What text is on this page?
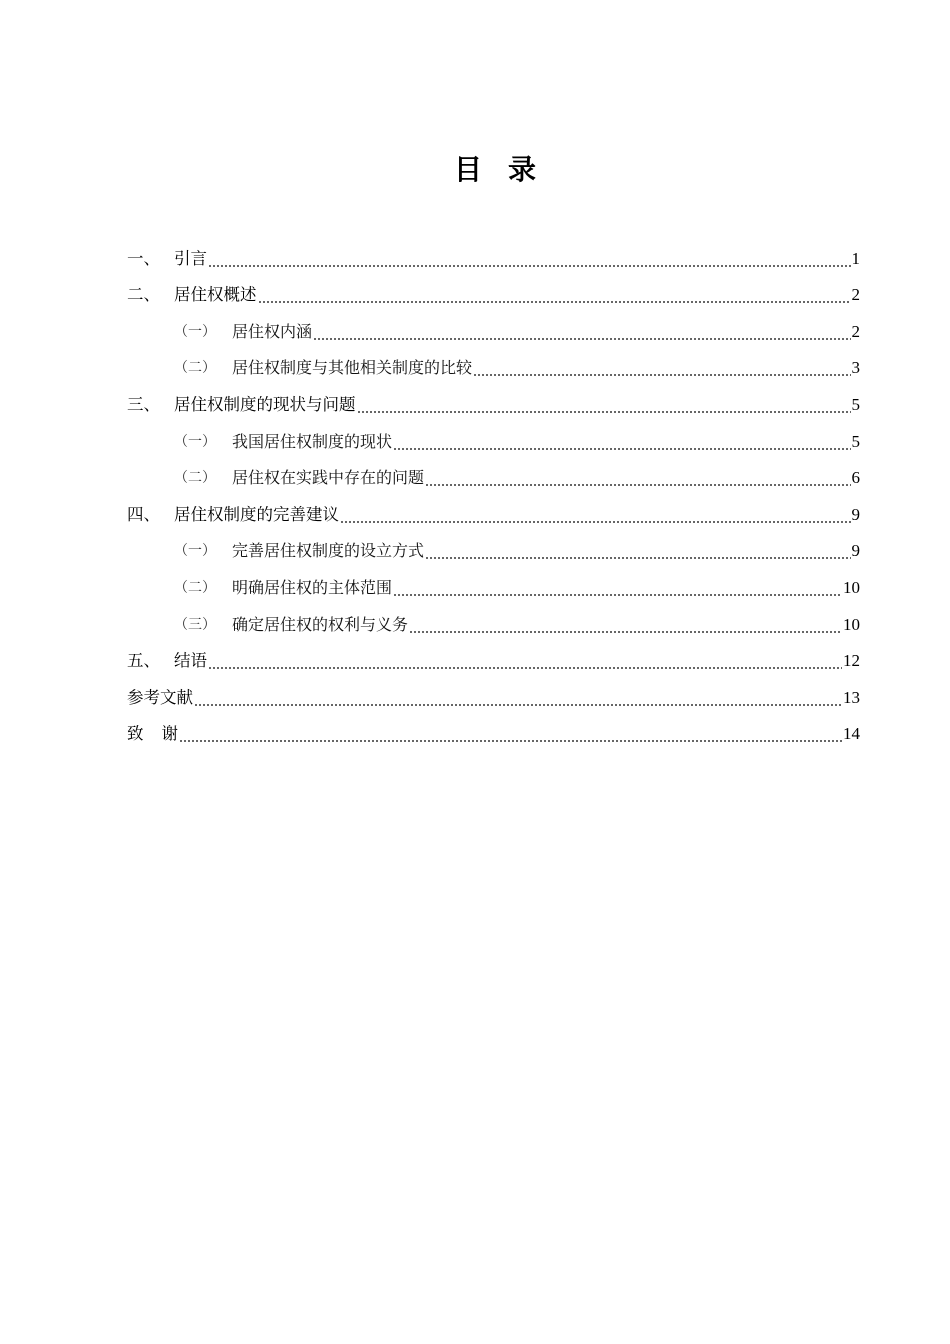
目 录
一、 引言	1
二、 居住权概述	2
（一）	居住权内涵	2
（二）	居住权制度与其他相关制度的比较	3
三、 居住权制度的现状与问题	5
（一）	我国居住权制度的现状	5
（二）	居住权在实践中存在的问题	6
四、 居住权制度的完善建议	9
（一）	完善居住权制度的设立方式	9
（二）	明确居住权的主体范围	10
（三）	确定居住权的权利与义务	10
五、 结语	12
参考文献	13
致 谢	14
